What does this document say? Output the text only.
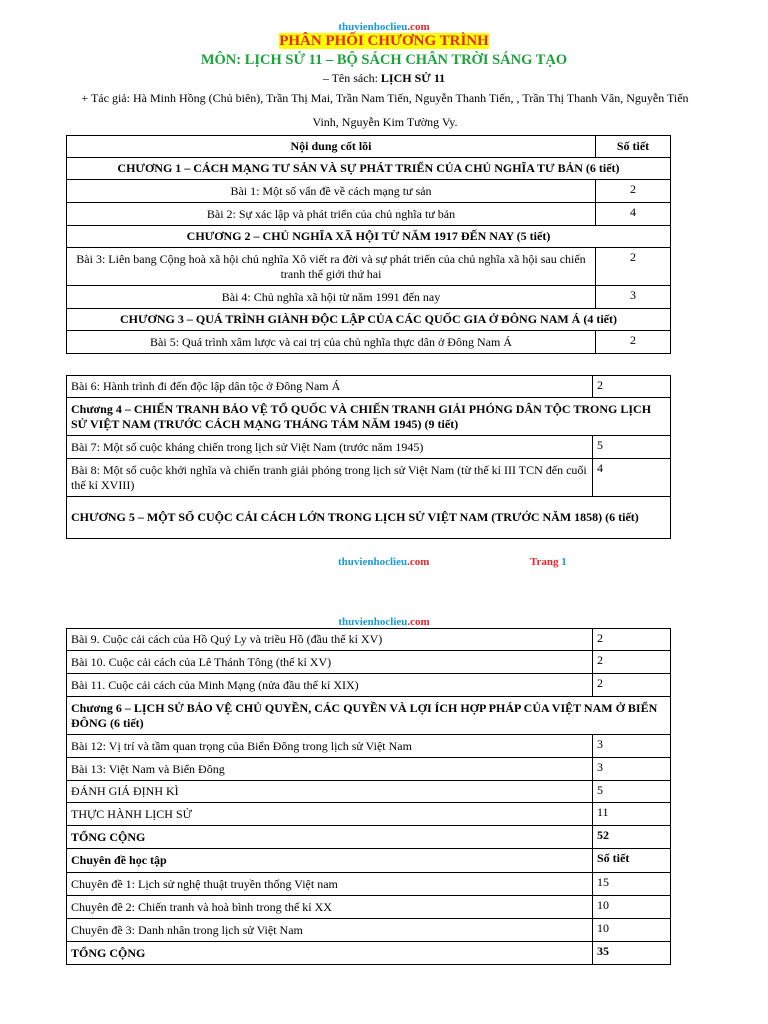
thuvienhoclieu.com
PHÂN PHỐI CHƯƠNG TRÌNH
MÔN: LỊCH SỬ 11 – BỘ SÁCH CHÂN TRỜI SÁNG TẠO
– Tên sách: LỊCH SỬ 11
+ Tác giả: Hà Minh Hồng (Chủ biên), Trần Thị Mai, Trần Nam Tiến, Nguyễn Thanh Tiến, , Trần Thị Thanh Vân, Nguyễn Tiến Vinh, Nguyễn Kim Tường Vy.
Nội dung cốt lõi	Số tiết
CHƯƠNG 1 – CÁCH MẠNG TƯ SẢN VÀ SỰ PHÁT TRIỂN CỦA CHỦ NGHĨA TƯ BẢN (6 tiết)	
Bài 1: Một số vấn đề về cách mạng tư sản	2
Bài 2: Sự xác lập và phát triển của chủ nghĩa tư bản	4
CHƯƠNG 2 – CHỦ NGHĨA XÃ HỘI TỪ NĂM 1917 ĐẾN NAY (5 tiết)	
Bài 3: Liên bang Cộng hoà xã hội chủ nghĩa Xô viết ra đời và sự phát triển của chủ nghĩa xã hội sau chiến tranh thế giới thứ hai	2
Bài 4: Chủ nghĩa xã hội từ năm 1991 đến nay	3
CHƯƠNG 3 – QUÁ TRÌNH GIÀNH ĐỘC LẬP CỦA CÁC QUỐC GIA Ở ĐÔNG NAM Á (4 tiết)	
Bài 5: Quá trình xâm lược và cai trị của chủ nghĩa thực dân ở Đông Nam Á	2
Bài 6: Hành trình đi đến độc lập dân tộc ở Đông Nam Á	2
Chương 4 – CHIẾN TRANH BẢO VỆ TỔ QUỐC VÀ CHIẾN TRANH GIẢI PHÓNG DÂN TỘC TRONG LỊCH SỬ VIỆT NAM (TRƯỚC CÁCH MẠNG THÁNG TÁM NĂM 1945) (9 tiết)	
Bài 7: Một số cuộc kháng chiến trong lịch sử Việt Nam (trước năm 1945)	5
Bài 8: Một số cuộc khởi nghĩa và chiến tranh giải phóng trong lịch sử Việt Nam (từ thế kỉ III TCN đến cuối thế kỉ XVIII)	4
CHƯƠNG 5 – MỘT SỐ CUỘC CẢI CÁCH LỚN TRONG LỊCH SỬ VIỆT NAM (TRƯỚC NĂM 1858) (6 tiết)	
thuvienhoclieu.com	Trang 1
thuvienhoclieu.com
Bài 9. Cuộc cải cách của Hồ Quý Ly và triều Hồ (đầu thế kỉ XV)	2
Bài 10. Cuộc cải cách của Lê Thánh Tông (thế kỉ XV)	2
Bài 11. Cuộc cải cách của Minh Mạng (nửa đầu thế kỉ XIX)	2
Chương 6 – LỊCH SỬ BẢO VỆ CHỦ QUYỀN, CÁC QUYỀN VÀ LỢI ÍCH HỢP PHÁP CỦA VIỆT NAM Ở BIỂN ĐÔNG (6 tiết)	
Bài 12: Vị trí và tầm quan trọng của Biển Đông trong lịch sử Việt Nam	3
Bài 13: Việt Nam và Biển Đông	3
ĐÁNH GIÁ ĐỊNH KÌ	5
THỰC HÀNH LỊCH SỬ	11
TỔNG CỘNG	52
Chuyên đề học tập	Số tiết
Chuyên đề 1: Lịch sử nghệ thuật truyền thống Việt nam	15
Chuyên đề 2: Chiến tranh và hoà bình trong thế kỉ XX	10
Chuyên đề 3: Danh nhân trong lịch sử Việt Nam	10
TỔNG CỘNG	35
